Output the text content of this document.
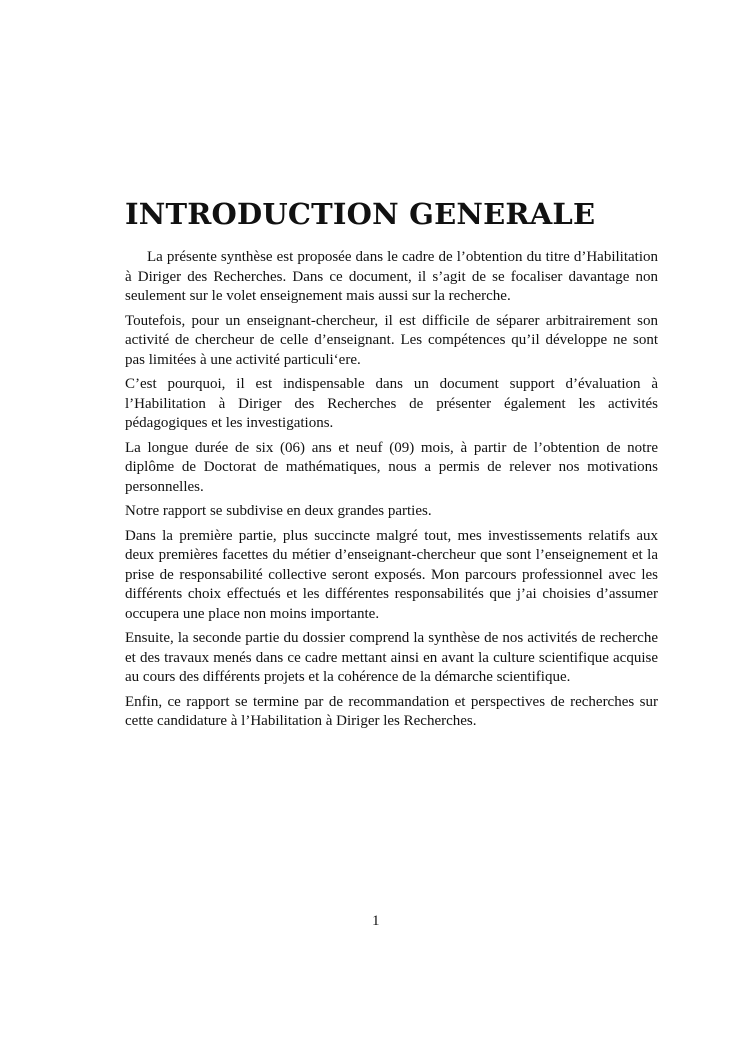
INTRODUCTION GENERALE

La présente synthèse est proposée dans le cadre de l’obtention du titre d’Habilitation à Diriger des Recherches. Dans ce document, il s’agit de se focaliser davantage non seulement sur le volet enseignement mais aussi sur la recherche.

Toutefois, pour un enseignant-chercheur, il est difficile de séparer arbitrairement son activité de chercheur de celle d’enseignant. Les compétences qu’il développe ne sont pas limitées à une activité particuli‘ere.

C’est pourquoi, il est indispensable dans un document support d’évaluation à l’Habilitation à Diriger des Recherches de présenter également les activités pédagogiques et les investigations.

La longue durée de six (06) ans et neuf (09) mois, à partir de l’obtention de notre diplôme de Doctorat de mathématiques, nous a permis de relever nos motivations personnelles.

Notre rapport se subdivise en deux grandes parties.

Dans la première partie, plus succincte malgré tout, mes investissements relatifs aux deux premières facettes du métier d’enseignant-chercheur que sont l’enseignement et la prise de responsabilité collective seront exposés. Mon parcours professionnel avec les différents choix effectués et les différentes responsabilités que j’ai choisies d’assumer occupera une place non moins importante.

Ensuite, la seconde partie du dossier comprend la synthèse de nos activités de recherche et des travaux menés dans ce cadre mettant ainsi en avant la culture scientifique acquise au cours des différents projets et la cohérence de la démarche scientifique.

Enfin, ce rapport se termine par de recommandation et perspectives de recherches sur cette candidature à l’Habilitation à Diriger les Recherches.

1
